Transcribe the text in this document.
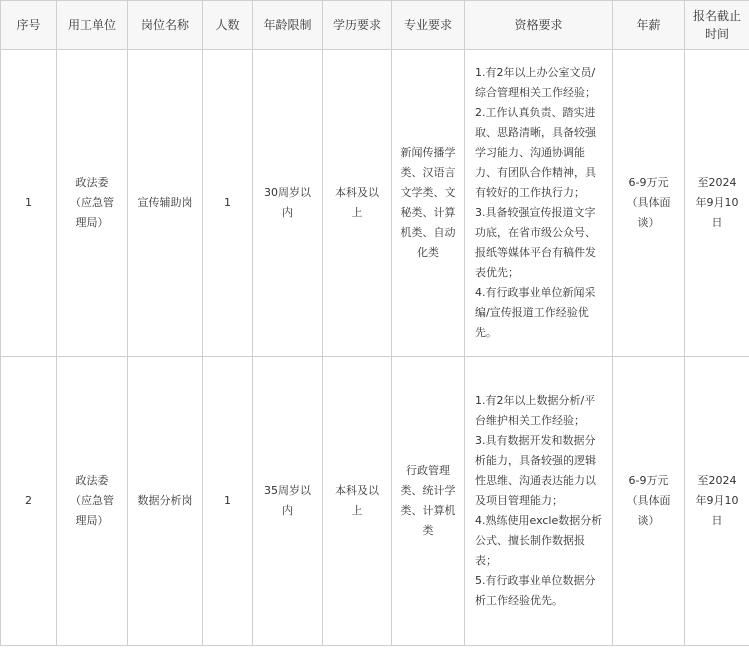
序号	用工单位	岗位名称	人数	年龄限制	学历要求	专业要求	资格要求	年薪	报名截止时间
1	政法委（应急管理局）	宣传辅助岗	1	30周岁以内	本科及以上	新闻传播学类、汉语言文学类、文秘类、计算机类、自动化类	1.有2年以上办公室文员/综合管理相关工作经验；
2.工作认真负责、踏实进取、思路清晰，具备较强学习能力、沟通协调能力、有团队合作精神，具有较好的工作执行力；
3.具备较强宣传报道文字功底，在省市级公众号、报纸等媒体平台有稿件发表优先；
4.有行政事业单位新闻采编/宣传报道工作经验优先。	6-9万元（具体面谈）	至2024年9月10日
2	政法委（应急管理局）	数据分析岗	1	35周岁以内	本科及以上	行政管理类、统计学类、计算机类	1.有2年以上数据分析/平台维护相关工作经验；
3.具有数据开发和数据分析能力，具备较强的逻辑性思维、沟通表达能力以及项目管理能力；
4.熟练使用excle数据分析公式、擅长制作数据报表；
5.有行政事业单位数据分析工作经验优先。	6-9万元（具体面谈）	至2024年9月10日
